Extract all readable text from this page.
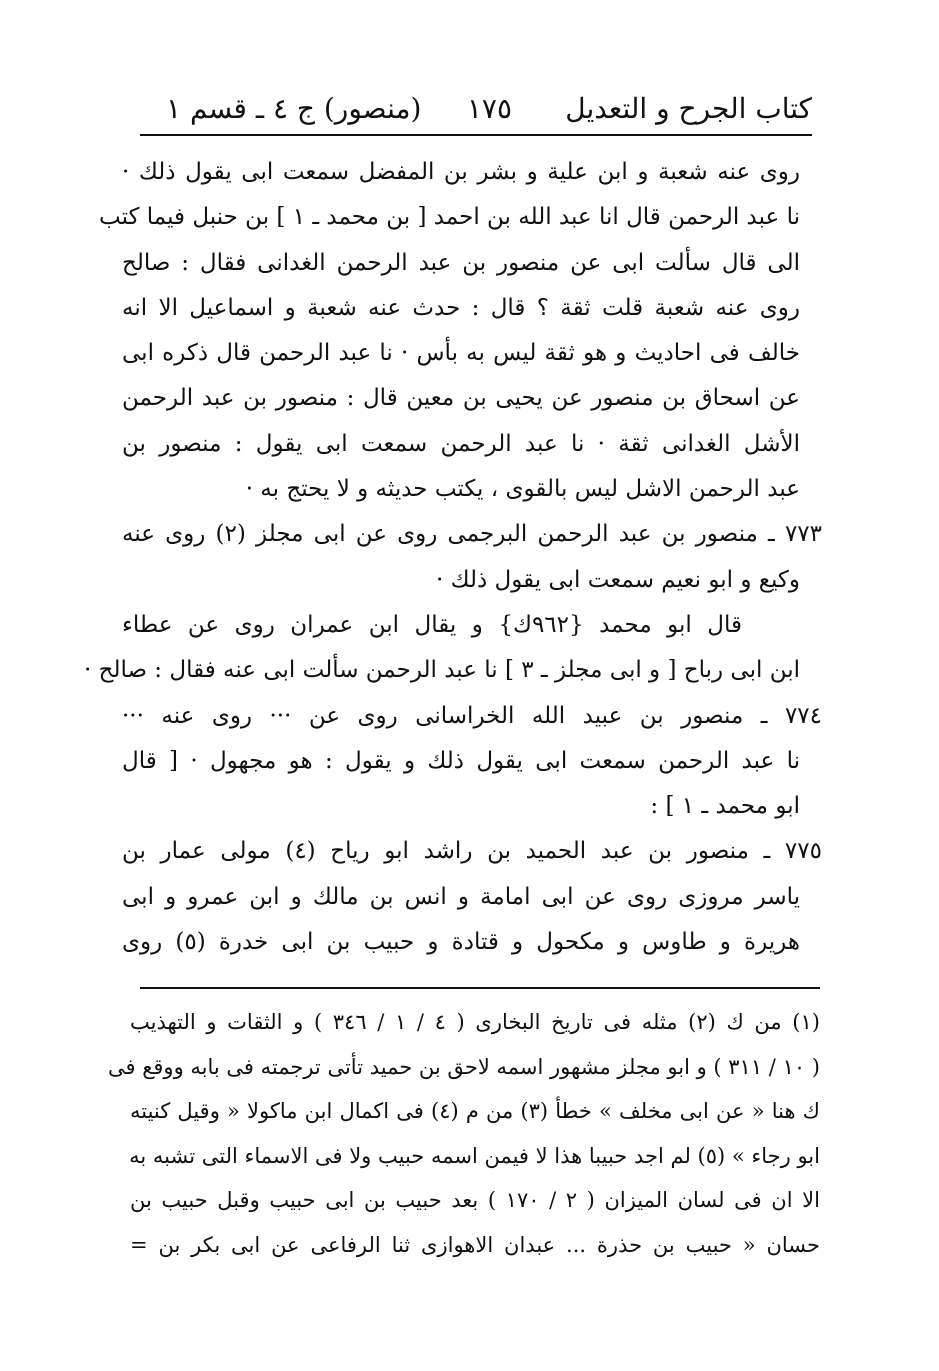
كتاب الجرح و التعديل
١٧٥
(منصور) ج ٤ ـ قسم ١
روى عنه شعبة و ابن علية و بشر بن المفضل سمعت ابى يقول ذلك ·
نا عبد الرحمن قال انا عبد الله بن احمد [ بن محمد ـ ١ ] بن حنبل فيما كتب
الى قال سألت ابى عن منصور بن عبد الرحمن الغدانى فقال : صالح
روى عنه شعبة قلت ثقة ؟ قال : حدث عنه شعبة و اسماعيل الا انه
خالف فى احاديث و هو ثقة ليس به بأس · نا عبد الرحمن قال ذكره ابى
عن اسحاق بن منصور عن يحيى بن معين قال : منصور بن عبد الرحمن
الأشل الغدانى ثقة · نا عبد الرحمن سمعت ابى يقول : منصور بن
عبد الرحمن الاشل ليس بالقوى ، يكتب حديثه و لا يحتج به ·
٧٧٣ ـ منصور بن عبد الرحمن البرجمى روى عن ابى مجلز (٢) روى عنه
وكيع و ابو نعيم سمعت ابى يقول ذلك ·
قال ابو محمد {٩٦٢ك} و يقال ابن عمران روى عن عطاء
ابن ابى رباح [ و ابى مجلز ـ ٣ ] نا عبد الرحمن سألت ابى عنه فقال : صالح ·
٧٧٤ ـ منصور بن عبيد الله الخراسانى روى عن ··· روى عنه ···
نا عبد الرحمن سمعت ابى يقول ذلك و يقول : هو مجهول · [ قال
ابو محمد ـ ١ ] :
٧٧٥ ـ منصور بن عبد الحميد بن راشد ابو رياح (٤) مولى عمار بن
ياسر مروزى روى عن ابى امامة و انس بن مالك و ابن عمرو و ابى
هريرة و طاوس و مكحول و قتادة و حبيب بن ابى خدرة (٥) روى
(١) من ك (٢) مثله فى تاريخ البخارى ( ٤ / ١ / ٣٤٦ ) و الثقات و التهذيب
( ١٠ / ٣١١ ) و ابو مجلز مشهور اسمه لاحق بن حميد تأتى ترجمته فى بابه ووقع فى
ك هنا « عن ابى مخلف » خطأ (٣) من م (٤) فى اكمال ابن ماكولا « وقيل كنيته
ابو رجاء » (٥) لم اجد حبيبا هذا لا فيمن اسمه حبيب ولا فى الاسماء التى تشبه به
الا ان فى لسان الميزان ( ٢ / ١٧٠ ) بعد حبيب بن ابى حبيب وقبل حبيب بن
حسان « حبيب بن حذرة ... عبدان الاهوازى ثنا الرفاعى عن ابى بكر بن =
